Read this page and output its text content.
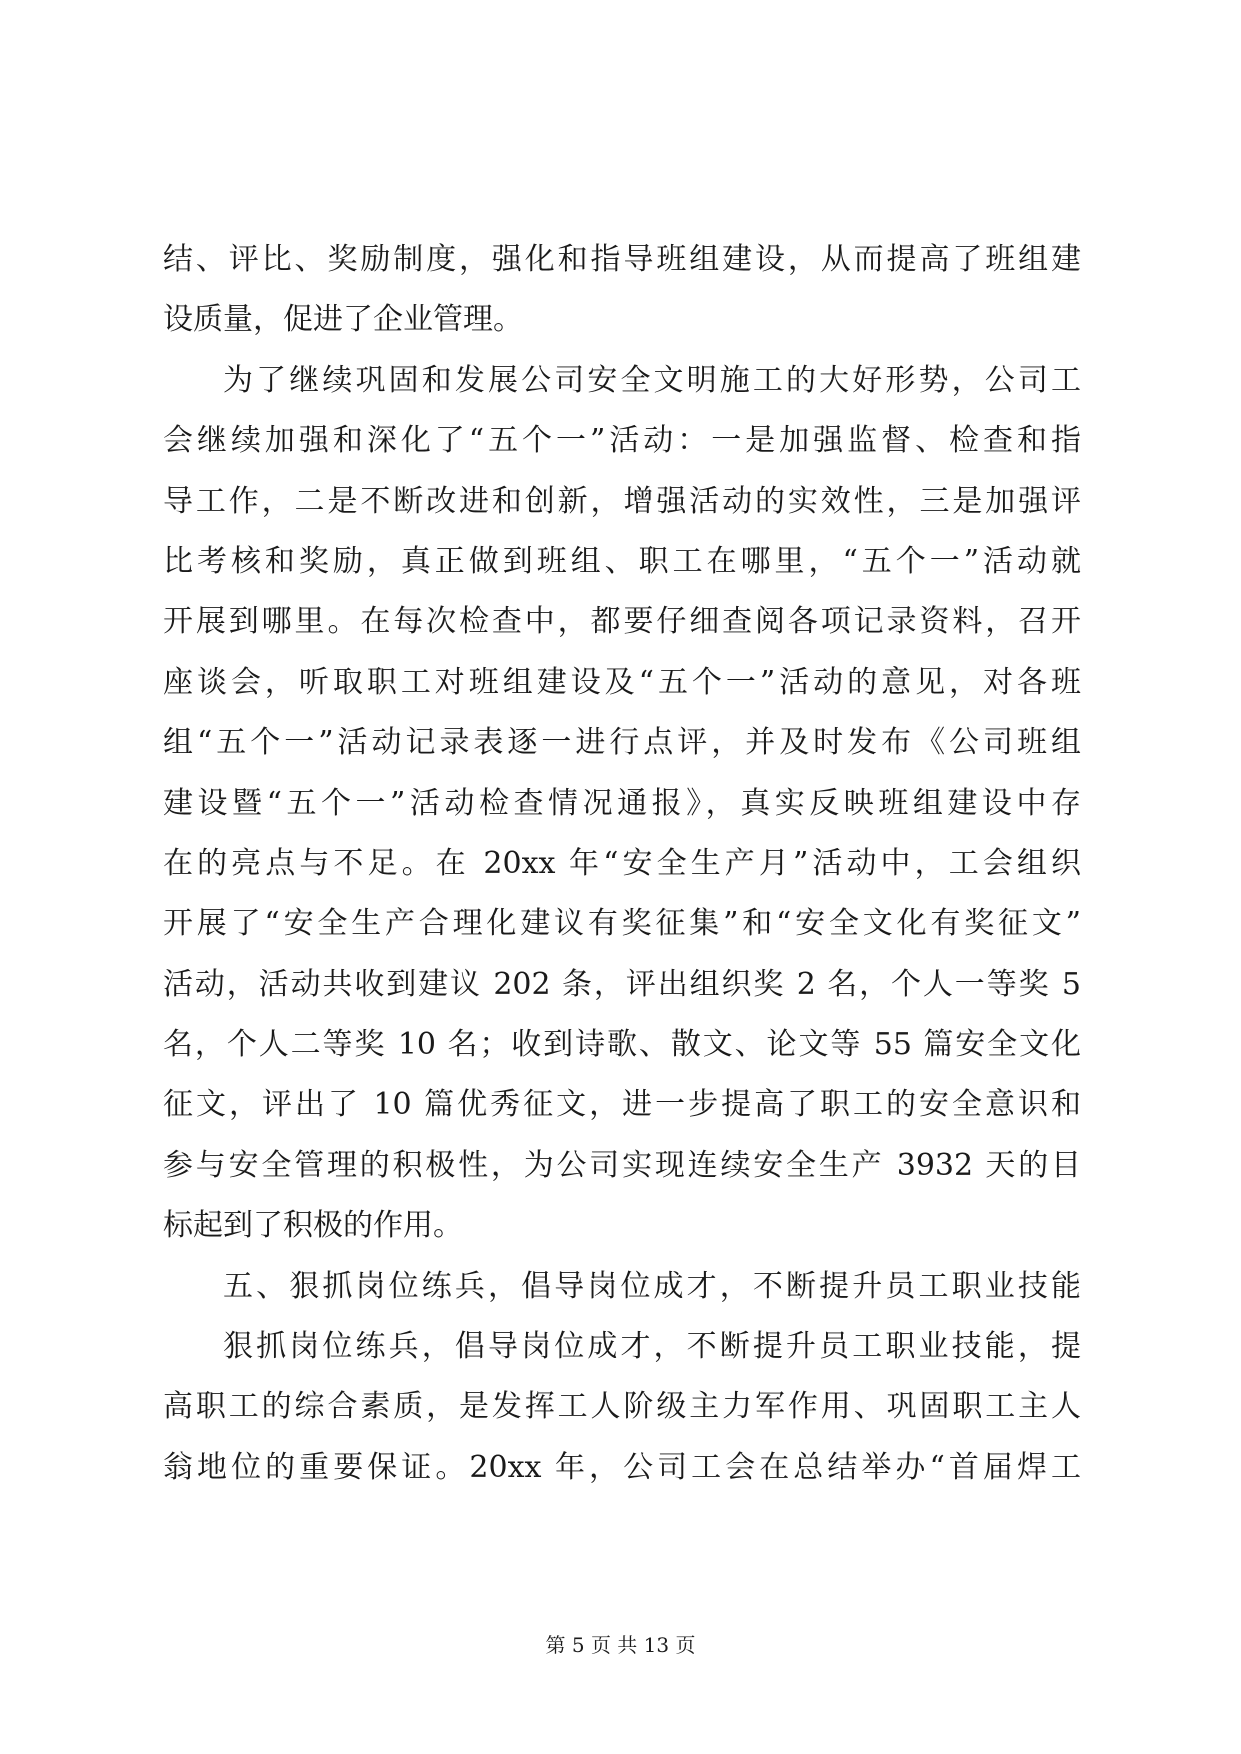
结、评比、奖励制度，强化和指导班组建设，从而提高了班组建
设质量，促进了企业管理。
为了继续巩固和发展公司安全文明施工的大好形势，公司工
会继续加强和深化了“五个一”活动：一是加强监督、检查和指
导工作，二是不断改进和创新，增强活动的实效性，三是加强评
比考核和奖励，真正做到班组、职工在哪里，“五个一”活动就
开展到哪里。在每次检查中，都要仔细查阅各项记录资料，召开
座谈会，听取职工对班组建设及“五个一”活动的意见，对各班
组“五个一”活动记录表逐一进行点评，并及时发布《公司班组
建设暨“五个一”活动检查情况通报》，真实反映班组建设中存
在的亮点与不足。在 20xx 年“安全生产月”活动中，工会组织
开展了“安全生产合理化建议有奖征集”和“安全文化有奖征文”
活动，活动共收到建议 202 条，评出组织奖 2 名，个人一等奖 5
名，个人二等奖 10 名；收到诗歌、散文、论文等 55 篇安全文化
征文，评出了 10 篇优秀征文，进一步提高了职工的安全意识和
参与安全管理的积极性，为公司实现连续安全生产 3932 天的目
标起到了积极的作用。
五、狠抓岗位练兵，倡导岗位成才，不断提升员工职业技能
狠抓岗位练兵，倡导岗位成才，不断提升员工职业技能，提
高职工的综合素质，是发挥工人阶级主力军作用、巩固职工主人
翁地位的重要保证。20xx 年，公司工会在总结举办“首届焊工
第 5 页 共 13 页
